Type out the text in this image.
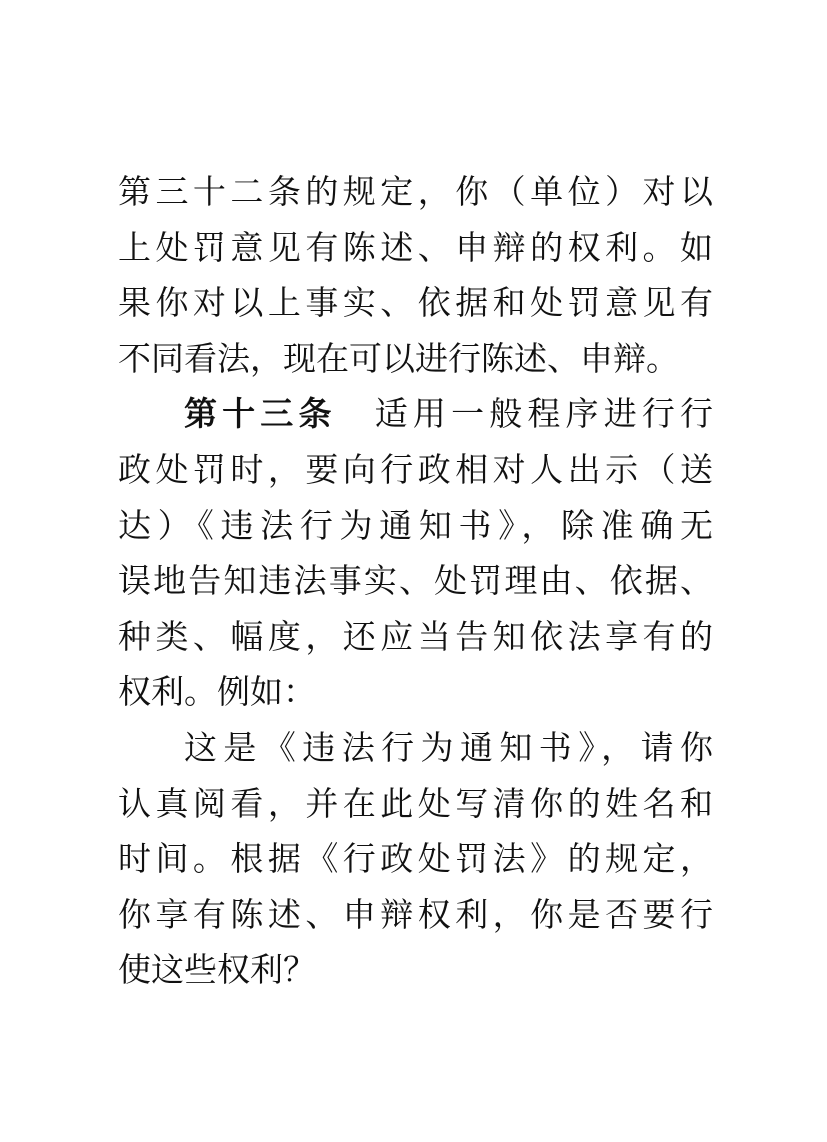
第三十二条的规定，你（单位）对以
上处罚意见有陈述、申辩的权利。如
果你对以上事实、依据和处罚意见有
不同看法，现在可以进行陈述、申辩。
第十三条　 适用一般程序进行行
政处罚时，要向行政相对人出示（送
达）《违法行为通知书》，除准确无
误地告知违法事实、处罚理由、依据、
种类、幅度，还应当告知依法享有的
权利。例如：
这是《违法行为通知书》，请你
认真阅看，并在此处写清你的姓名和
时间。根据《行政处罚法》的规定，
你享有陈述、申辩权利，你是否要行
使这些权利？
